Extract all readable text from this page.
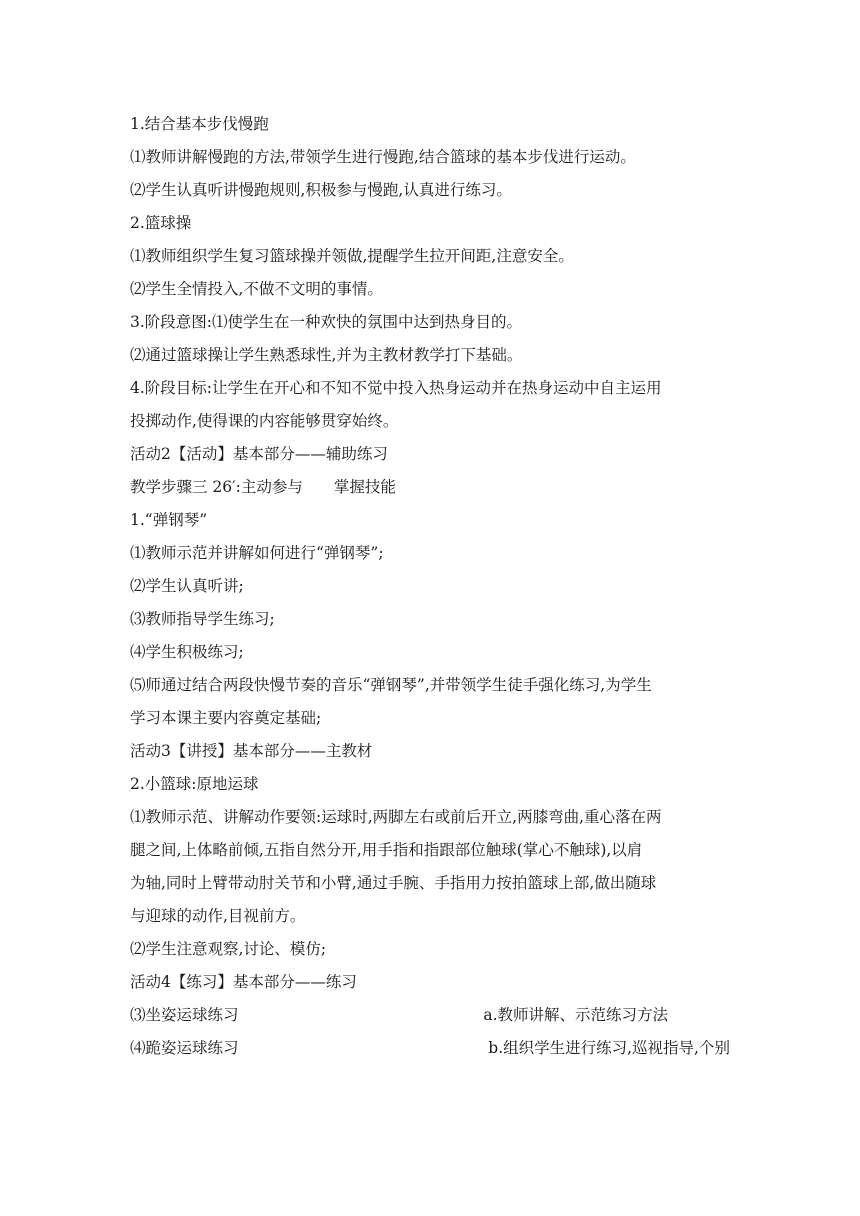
1.结合基本步伐慢跑
⑴教师讲解慢跑的方法,带领学生进行慢跑,结合篮球的基本步伐进行运动。
⑵学生认真听讲慢跑规则,积极参与慢跑,认真进行练习。
2.篮球操
⑴教师组织学生复习篮球操并领做,提醒学生拉开间距,注意安全。
⑵学生全情投入,不做不文明的事情。
3.阶段意图:⑴使学生在一种欢快的氛围中达到热身目的。
⑵通过篮球操让学生熟悉球性,并为主教材教学打下基础。
4.阶段目标:让学生在开心和不知不觉中投入热身运动并在热身运动中自主运用
投掷动作,使得课的内容能够贯穿始终。
活动2【活动】基本部分——辅助练习
教学步骤三 26′:主动参与　　掌握技能
1.“弹钢琴”
⑴教师示范并讲解如何进行“弹钢琴”;
⑵学生认真听讲;
⑶教师指导学生练习;
⑷学生积极练习;
⑸师通过结合两段快慢节奏的音乐“弹钢琴”,并带领学生徒手强化练习,为学生
学习本课主要内容奠定基础;
活动3【讲授】基本部分——主教材
2.小篮球:原地运球
⑴教师示范、讲解动作要领:运球时,两脚左右或前后开立,两膝弯曲,重心落在两
腿之间,上体略前倾,五指自然分开,用手指和指跟部位触球(掌心不触球),以肩
为轴,同时上臂带动肘关节和小臂,通过手腕、手指用力按拍篮球上部,做出随球
与迎球的动作,目视前方。
⑵学生注意观察,讨论、模仿;
活动4【练习】基本部分——练习
⑶坐姿运球练习	a.教师讲解、示范练习方法
⑷跪姿运球练习	b.组织学生进行练习,巡视指导,个别
